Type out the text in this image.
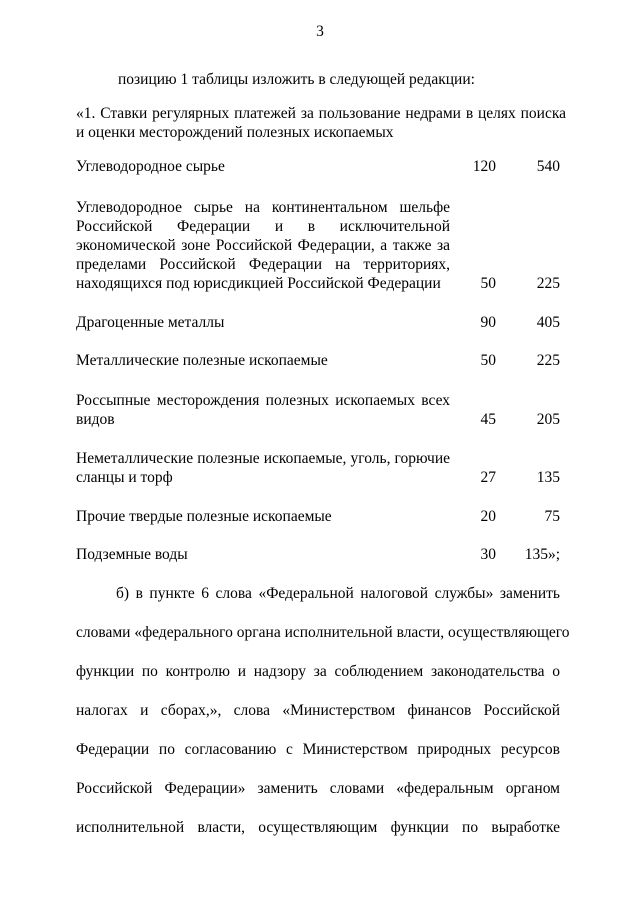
3
позицию 1 таблицы изложить в следующей редакции:
«1. Ставки регулярных платежей за пользование недрами в целях поиска и оценки месторождений полезных ископаемых
Углеводородное сырье	120	540
Углеводородное сырье на континентальном шельфе Российской Федерации и в исключительной экономической зоне Российской Федерации, а также за пределами Российской Федерации на территориях, находящихся под юрисдикцией Российской Федерации	50	225
Драгоценные металлы	90	405
Металлические полезные ископаемые	50	225
Россыпные месторождения полезных ископаемых всех видов	45	205
Неметаллические полезные ископаемые, уголь, горючие сланцы и торф	27	135
Прочие твердые полезные ископаемые	20	75
Подземные воды	30 135»;
б) в пункте 6 слова «Федеральной налоговой службы» заменить
словами «федерального органа исполнительной власти, осуществляющего
функции по контролю и надзору за соблюдением законодательства о
налогах и сборах,», слова «Министерством финансов Российской
Федерации по согласованию с Министерством природных ресурсов
Российской Федерации» заменить словами «федеральным органом
исполнительной власти, осуществляющим функции по выработке
